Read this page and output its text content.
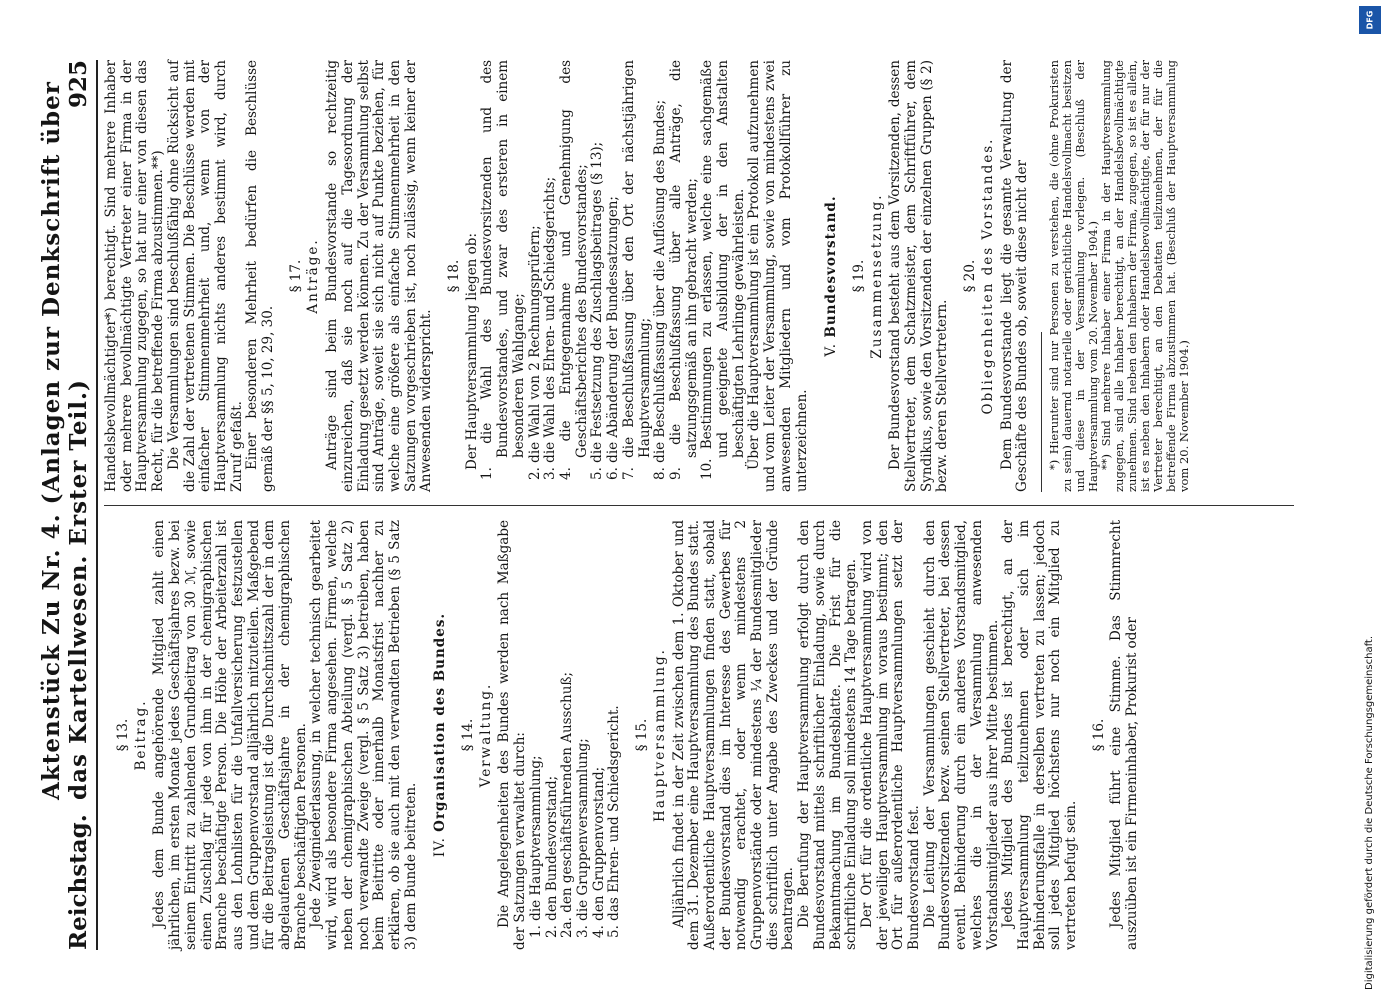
Reichstag.
Aktenstück Zu Nr. 4. (Anlagen zur Denkschrift über das Kartellwesen. Erster Teil.)
925
§ 13. Beitrag. Jedes dem Bunde angehörende Mitglied zahlt einen jährlichen, im ersten Monate jedes Geschäftsjahres bezw. bei seinem Eintritt zu zahlenden Grundbeitrag von 30 ℳ, sowie einen Zuschlag für jede von ihm in der chemigraphischen Branche beschäftigte Person. Die Höhe der Arbeiterzahl ist aus den Lohnlisten für die Unfallversicherung festzustellen und dem Gruppenvorstand alljährlich mitzuteilen. Maßgebend für die Beitragsleistung ist die Durchschnittszahl der in dem abgelaufenen Geschäftsjahre in der chemigraphischen Branche beschäftigten Personen. Jede Zweigniederlassung, in welcher technisch gearbeitet wird, wird als besondere Firma angesehen. Firmen, welche neben der chemigraphischen Abteilung (vergl. § 5 Satz 2) noch verwandte Zweige (vergl. § 5 Satz 3) betreiben, haben beim Beitritte oder innerhalb Monatsfrist nachher zu erklären, ob sie auch mit den verwandten Betrieben (§ 5 Satz 3) dem Bunde beitreten. IV. Organisation des Bundes. § 14. Verwaltung. Die Angelegenheiten des Bundes werden nach Maßgabe der Satzungen verwaltet durch: 1. die Hauptversammlung; 2. den Bundesvorstand; 2a. den geschäftsführenden Ausschuß; 3. die Gruppenversammlung; 4. den Gruppenvorstand; 5. das Ehren- und Schiedsgericht. § 15. Hauptversammlung. Alljährlich findet in der Zeit zwischen dem 1. Oktober und dem 31. Dezember eine Hauptversammlung des Bundes statt. Außerordentliche Hauptversammlungen finden statt, sobald der Bundesvorstand dies im Interesse des Gewerbes für notwendig erachtet, oder wenn mindestens 2 Gruppenvorstände oder mindestens ¼ der Bundesmitglieder dies schriftlich unter Angabe des Zweckes und der Gründe beantragen. Die Berufung der Hauptversammlung erfolgt durch den Bundesvorstand mittels schriftlicher Einladung, sowie durch Bekanntmachung im Bundesblatte. Die Frist für die schriftliche Einladung soll mindestens 14 Tage betragen. Der Ort für die ordentliche Hauptversammlung wird von der jeweiligen Hauptversammlung im voraus bestimmt; den Ort für außerordentliche Hauptversammlungen setzt der Bundesvorstand fest. Die Leitung der Versammlungen geschieht durch den Bundesvorsitzenden bezw. seinen Stellvertreter, bei dessen eventl. Behinderung durch ein anderes Vorstandsmitglied, welches die in der Versammlung anwesenden Vorstandsmitglieder aus ihrer Mitte bestimmen. Jedes Mitglied des Bundes ist berechtigt, an der Hauptversammlung teilzunehmen oder sich im Behinderungsfalle in derselben vertreten zu lassen; jedoch soll jedes Mitglied höchstens nur noch ein Mitglied zu vertreten befugt sein.

§ 16. Jedes Mitglied führt eine Stimme. Das Stimmrecht auszuüben ist ein Firmeninhaber, Prokurist oder

Handelsbevollmächtigter*) berechtigt. Sind mehrere Inhaber oder mehrere bevollmächtigte Vertreter einer Firma in der Hauptversammlung zugegen, so hat nur einer von diesen das Recht, für die betreffende Firma abzustimmen.**) Die Versammlungen sind beschlußfähig ohne Rücksicht auf die Zahl der vertretenen Stimmen. Die Beschlüsse werden mit einfacher Stimmenmehrheit und, wenn von der Hauptversammlung nichts anderes bestimmt wird, durch Zuruf gefaßt. Einer besonderen Mehrheit bedürfen die Beschlüsse gemäß der §§ 5, 10, 29, 30.

§ 17. Anträge. Anträge sind beim Bundesvorstande so rechtzeitig einzureichen, daß sie noch auf die Tagesordnung der Einladung gesetzt werden können. Zu der Versammlung selbst sind Anträge, soweit sie sich nicht auf Punkte beziehen, für welche eine größere als einfache Stimmenmehrheit in den Satzungen vorgeschrieben ist, noch zulässig, wenn keiner der Anwesenden widerspricht.

§ 18. Der Hauptversammlung liegen ob: 1. die Wahl des Bundesvorsitzenden und des Bundesvorstandes, und zwar des ersteren in einem besonderen Wahlgange; 2. die Wahl von 2 Rechnungsprüfern; 3. die Wahl des Ehren- und Schiedsgerichts; 4. die Entgegennahme und Genehmigung des Geschäftsberichtes des Bundesvorstandes; 5. die Festsetzung des Zuschlagsbeitrages (§ 13); 6. die Abänderung der Bundessatzungen; 7. die Beschlußfassung über den Ort der nächstjährigen Hauptversammlung; 8. die Beschlußfassung über die Auflösung des Bundes; 9. die Beschlußfassung über alle Anträge, die satzungsgemäß an ihn gebracht werden; 10. Bestimmungen zu erlassen, welche eine sachgemäße und geeignete Ausbildung der in den Anstalten beschäftigten Lehrlinge gewährleisten. Über die Hauptversammlung ist ein Protokoll aufzunehmen und vom Leiter der Versammlung, sowie von mindestens zwei anwesenden Mitgliedern und vom Protokollführer zu unterzeichnen.

V. Bundesvorstand. § 19. Zusammensetzung. Der Bundesvorstand besteht aus dem Vorsitzenden, dessen Stellvertreter, dem Schatzmeister, dem Schriftführer, dem Syndikus, sowie den Vorsitzenden der einzelnen Gruppen (§ 2) bezw. deren Stellvertretern.

§ 20. Obliegenheiten des Vorstandes. Dem Bundesvorstande liegt die gesamte Verwaltung der Geschäfte des Bundes ob, soweit diese nicht der *) Hierunter sind nur Personen zu verstehen, die (ohne Prokuristen zu sein) dauernd notarielle oder gerichtliche Handelsvollmacht besitzen und diese in der Versammlung vorlegen. (Beschluß der Hauptversammlung vom 20. November 1904.) **) Sind mehrere Inhaber einer Firma in der Hauptversammlung zugegen, sind alle Inhaber berechtigt, an der Handelsbevollmächtigte zunehmen. Sind neben den Inhabern der Firma, zugegen, so ist es allein, ist es neben den Inhabern oder Handelsbevollmächtigte, der für nur der Vertreter berechtigt, an den Debatten teilzunehmen, der für die betreffende Firma abzustimmen hat. (Beschluß der Hauptversammlung vom 20. November 1904.)

DFG
Digitalisierung gefördert durch die Deutsche Forschungsgemeinschaft.
